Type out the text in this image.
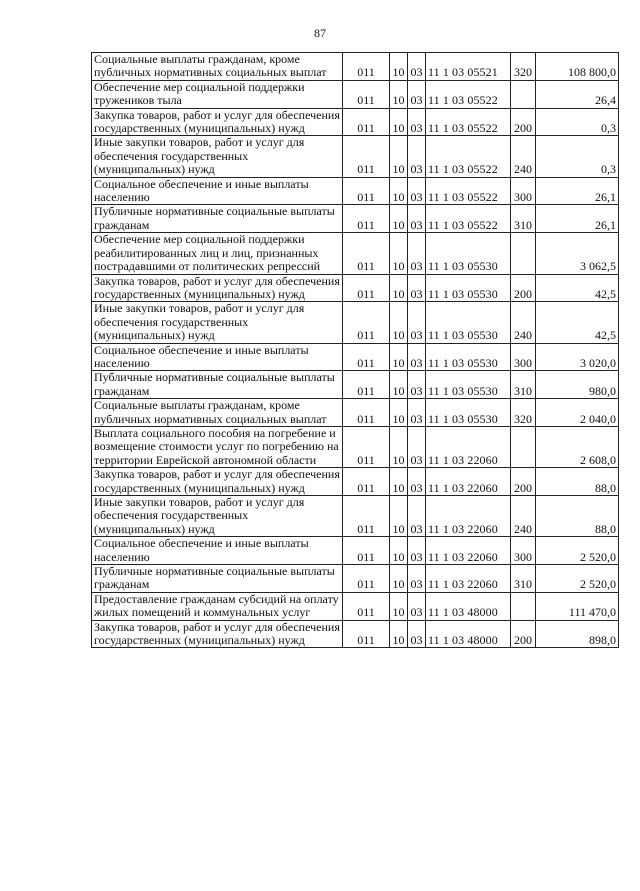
87
Социальные выплаты гражданам, кроме публичных нормативных социальных выплат	011	10	03	11 1 03 05521	320	108 800,0
Обеспечение мер социальной поддержки тружеников тыла	011	10	03	11 1 03 05522		26,4
Закупка товаров, работ и услуг для обеспечения государственных (муниципальных) нужд	011	10	03	11 1 03 05522	200	0,3
Иные закупки товаров, работ и услуг для обеспечения государственных (муниципальных) нужд	011	10	03	11 1 03 05522	240	0,3
Социальное обеспечение и иные выплаты населению	011	10	03	11 1 03 05522	300	26,1
Публичные нормативные социальные выплаты гражданам	011	10	03	11 1 03 05522	310	26,1
Обеспечение мер социальной поддержки реабилитированных лиц и лиц, признанных пострадавшими от политических репрессий	011	10	03	11 1 03 05530		3 062,5
Закупка товаров, работ и услуг для обеспечения государственных (муниципальных) нужд	011	10	03	11 1 03 05530	200	42,5
Иные закупки товаров, работ и услуг для обеспечения государственных (муниципальных) нужд	011	10	03	11 1 03 05530	240	42,5
Социальное обеспечение и иные выплаты населению	011	10	03	11 1 03 05530	300	3 020,0
Публичные нормативные социальные выплаты гражданам	011	10	03	11 1 03 05530	310	980,0
Социальные выплаты гражданам, кроме публичных нормативных социальных выплат	011	10	03	11 1 03 05530	320	2 040,0
Выплата социального пособия на погребение и возмещение стоимости услуг по погребению на территории Еврейской автономной области	011	10	03	11 1 03 22060		2 608,0
Закупка товаров, работ и услуг для обеспечения государственных (муниципальных) нужд	011	10	03	11 1 03 22060	200	88,0
Иные закупки товаров, работ и услуг для обеспечения государственных (муниципальных) нужд	011	10	03	11 1 03 22060	240	88,0
Социальное обеспечение и иные выплаты населению	011	10	03	11 1 03 22060	300	2 520,0
Публичные нормативные социальные выплаты гражданам	011	10	03	11 1 03 22060	310	2 520,0
Предоставление гражданам субсидий на оплату жилых помещений и коммунальных услуг	011	10	03	11 1 03 48000		111 470,0
Закупка товаров, работ и услуг для обеспечения государственных (муниципальных) нужд	011	10	03	11 1 03 48000	200	898,0
